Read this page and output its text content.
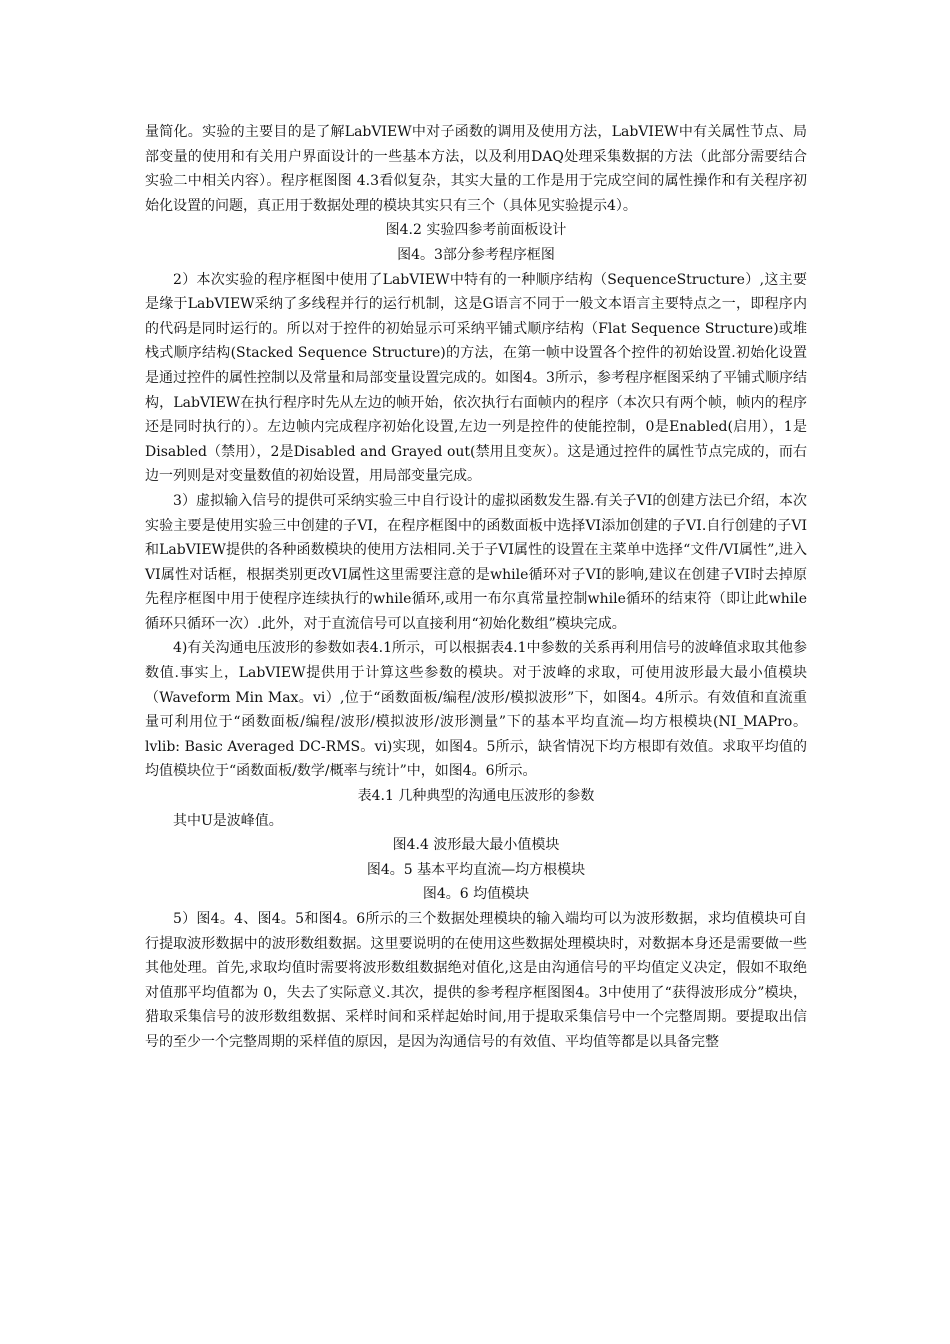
量简化。实验的主要目的是了解LabVIEW中对子函数的调用及使用方法，LabVIEW中有关属性节点、局部变量的使用和有关用户界面设计的一些基本方法，以及利用DAQ处理采集数据的方法（此部分需要结合实验二中相关内容）。程序框图图 4.3看似复杂，其实大量的工作是用于完成空间的属性操作和有关程序初始化设置的问题，真正用于数据处理的模块其实只有三个（具体见实验提示4）。

图4.2 实验四参考前面板设计

图4。3部分参考程序框图

2）本次实验的程序框图中使用了LabVIEW中特有的一种顺序结构（SequenceStructure）,这主要是缘于LabVIEW采纳了多线程并行的运行机制，这是G语言不同于一般文本语言主要特点之一，即程序内的代码是同时运行的。所以对于控件的初始显示可采纳平铺式顺序结构（Flat Sequence Structure)或堆栈式顺序结构(Stacked Sequence Structure)的方法，在第一帧中设置各个控件的初始设置.初始化设置是通过控件的属性控制以及常量和局部变量设置完成的。如图4。3所示，参考程序框图采纳了平铺式顺序结构，LabVIEW在执行程序时先从左边的帧开始，依次执行右面帧内的程序（本次只有两个帧，帧内的程序还是同时执行的）。左边帧内完成程序初始化设置,左边一列是控件的使能控制，0是Enabled(启用），1是Disabled（禁用），2是Disabled and Grayed out(禁用且变灰）。这是通过控件的属性节点完成的，而右边一列则是对变量数值的初始设置，用局部变量完成。

3）虚拟输入信号的提供可采纳实验三中自行设计的虚拟函数发生器.有关子VI的创建方法已介绍，本次实验主要是使用实验三中创建的子VI，在程序框图中的函数面板中选择VI添加创建的子VI.自行创建的子VI和LabVIEW提供的各种函数模块的使用方法相同.关于子VI属性的设置在主菜单中选择“文件/VI属性”,进入VI属性对话框，根据类别更改VI属性这里需要注意的是while循环对子VI的影响,建议在创建子VI时去掉原先程序框图中用于使程序连续执行的while循环,或用一布尔真常量控制while循环的结束符（即让此while循环只循环一次）.此外，对于直流信号可以直接利用“初始化数组”模块完成。

4)有关沟通电压波形的参数如表4.1所示，可以根据表4.1中参数的关系再利用信号的波峰值求取其他参数值.事实上，LabVIEW提供用于计算这些参数的模块。对于波峰的求取，可使用波形最大最小值模块（Waveform Min Max。vi）,位于“函数面板/编程/波形/模拟波形”下，如图4。4所示。有效值和直流重量可利用位于“函数面板/编程/波形/模拟波形/波形测量”下的基本平均直流—均方根模块(NI_MAPro。lvlib: Basic Averaged DC-RMS。vi)实现，如图4。5所示，缺省情况下均方根即有效值。求取平均值的均值模块位于“函数面板/数学/概率与统计”中，如图4。6所示。

表4.1 几种典型的沟通电压波形的参数

其中U是波峰值。

图4.4 波形最大最小值模块

图4。5 基本平均直流—均方根模块

图4。6 均值模块

5）图4。4、图4。5和图4。6所示的三个数据处理模块的输入端均可以为波形数据，求均值模块可自行提取波形数据中的波形数组数据。这里要说明的在使用这些数据处理模块时，对数据本身还是需要做一些其他处理。首先,求取均值时需要将波形数组数据绝对值化,这是由沟通信号的平均值定义决定，假如不取绝对值那平均值都为 0，失去了实际意义.其次，提供的参考程序框图图4。3中使用了“获得波形成分”模块，猎取采集信号的波形数组数据、采样时间和采样起始时间,用于提取采集信号中一个完整周期。要提取出信号的至少一个完整周期的采样值的原因，是因为沟通信号的有效值、平均值等都是以具备完整
